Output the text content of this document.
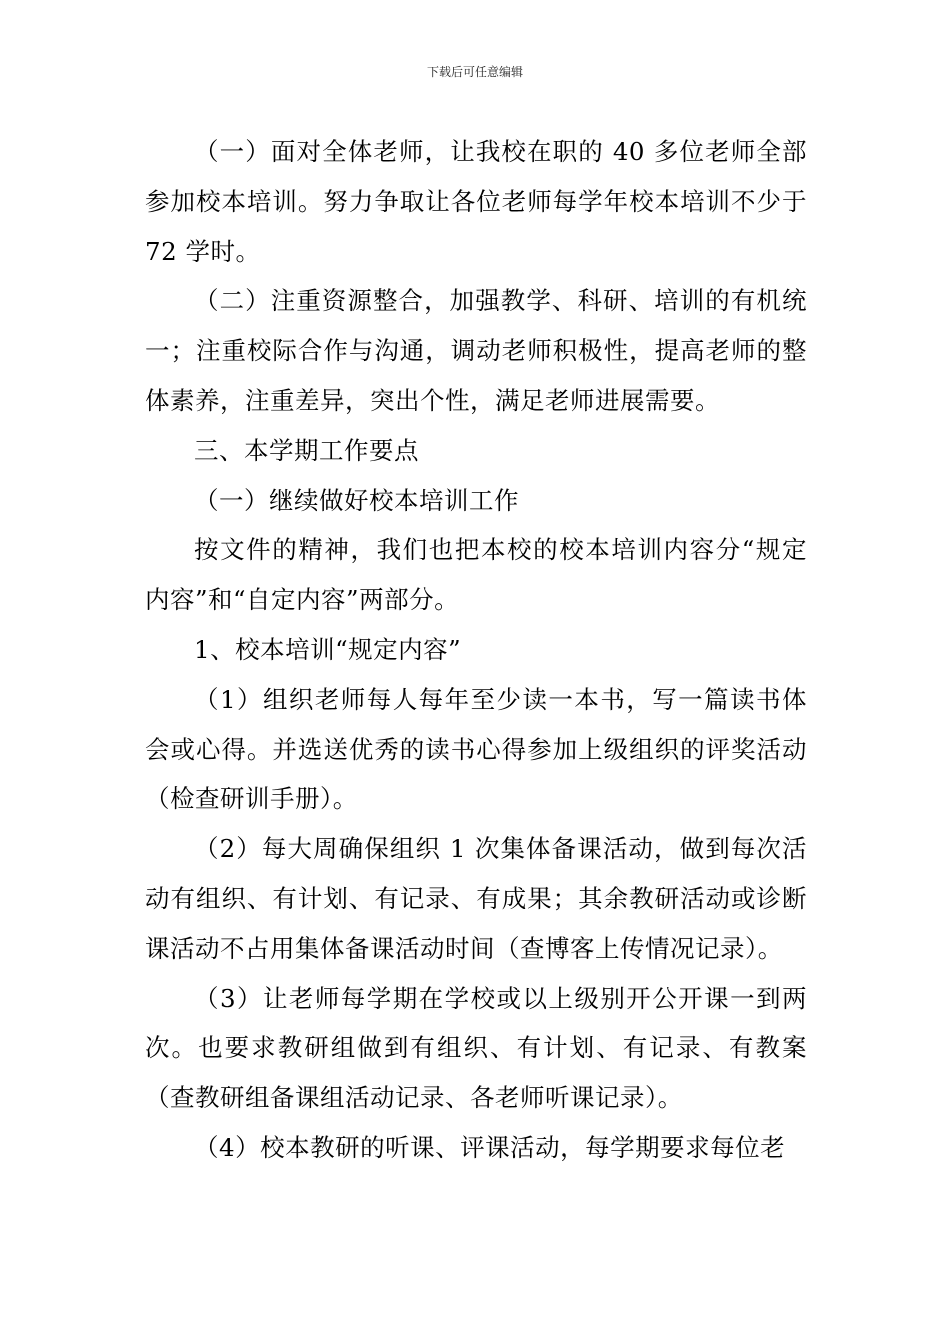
下载后可任意编辑

（一）面对全体老师，让我校在职的 40 多位老师全部参加校本培训。努力争取让各位老师每学年校本培训不少于 72 学时。

（二）注重资源整合，加强教学、科研、培训的有机统一；注重校际合作与沟通，调动老师积极性，提高老师的整体素养，注重差异，突出个性，满足老师进展需要。

三、本学期工作要点

（一）继续做好校本培训工作

按文件的精神，我们也把本校的校本培训内容分“规定内容”和“自定内容”两部分。

1、校本培训“规定内容”

（1）组织老师每人每年至少读一本书，写一篇读书体会或心得。并选送优秀的读书心得参加上级组织的评奖活动（检查研训手册）。

（2）每大周确保组织 1 次集体备课活动，做到每次活动有组织、有计划、有记录、有成果；其余教研活动或诊断课活动不占用集体备课活动时间（查博客上传情况记录）。

（3）让老师每学期在学校或以上级别开公开课一到两次。也要求教研组做到有组织、有计划、有记录、有教案（查教研组备课组活动记录、各老师听课记录）。

（4）校本教研的听课、评课活动，每学期要求每位老
